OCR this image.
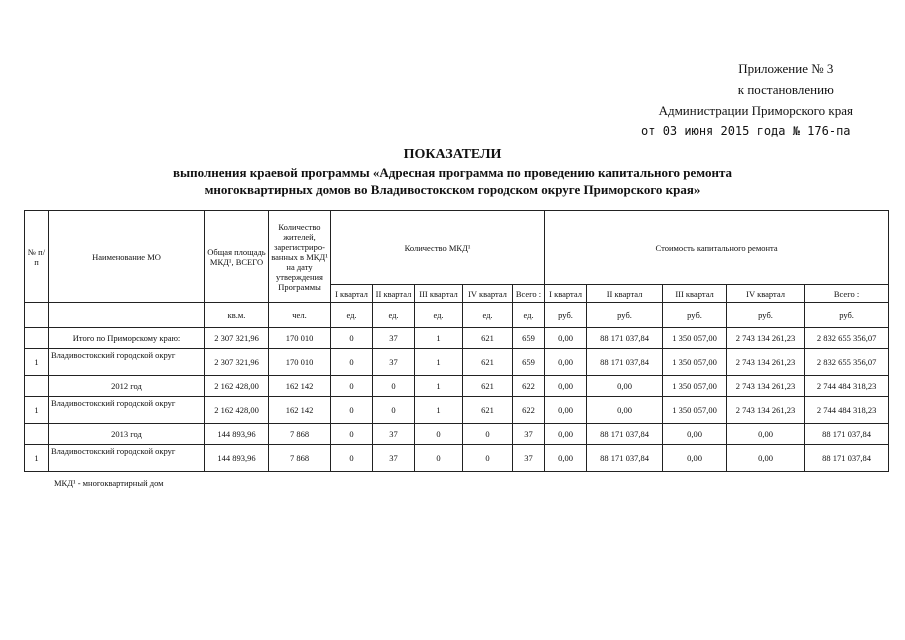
Приложение № 3
к постановлению
Администрации Приморского края
от 03 июня 2015 года № 176-па
ПОКАЗАТЕЛИ
выполнения краевой программы «Адресная программа по проведению капитального ремонта
многоквартирных домов во Владивостокском городском округе Приморского края»
№ п/п	Наименование МО	Общая площадь МКД¹, ВСЕГО	Количество жителей, зарегистриро-ванных в МКД¹ на дату утверждения Программы	Количество МКД¹					Стоимость капитального ремонта				
				I квартал	II квартал	III квартал	IV квартал	Всего :	I квартал	II квартал	III квартал	IV квартал	Всего :
		кв.м.	чел.	ед.	ед.	ед.	ед.	ед.	руб.	руб.	руб.	руб.	руб.
	Итого по Приморскому краю:	2 307 321,96	170 010	0	37	1	621	659	0,00	88 171 037,84	1 350 057,00	2 743 134 261,23	2 832 655 356,07
1	Владивостокский городской округ	2 307 321,96	170 010	0	37	1	621	659	0,00	88 171 037,84	1 350 057,00	2 743 134 261,23	2 832 655 356,07
	2012 год	2 162 428,00	162 142	0	0	1	621	622	0,00	0,00	1 350 057,00	2 743 134 261,23	2 744 484 318,23
1	Владивостокский городской округ	2 162 428,00	162 142	0	0	1	621	622	0,00	0,00	1 350 057,00	2 743 134 261,23	2 744 484 318,23
	2013 год	144 893,96	7 868	0	37	0	0	37	0,00	88 171 037,84	0,00	0,00	88 171 037,84
1	Владивостокский городской округ	144 893,96	7 868	0	37	0	0	37	0,00	88 171 037,84	0,00	0,00	88 171 037,84
МКД¹ - многоквартирный дом
